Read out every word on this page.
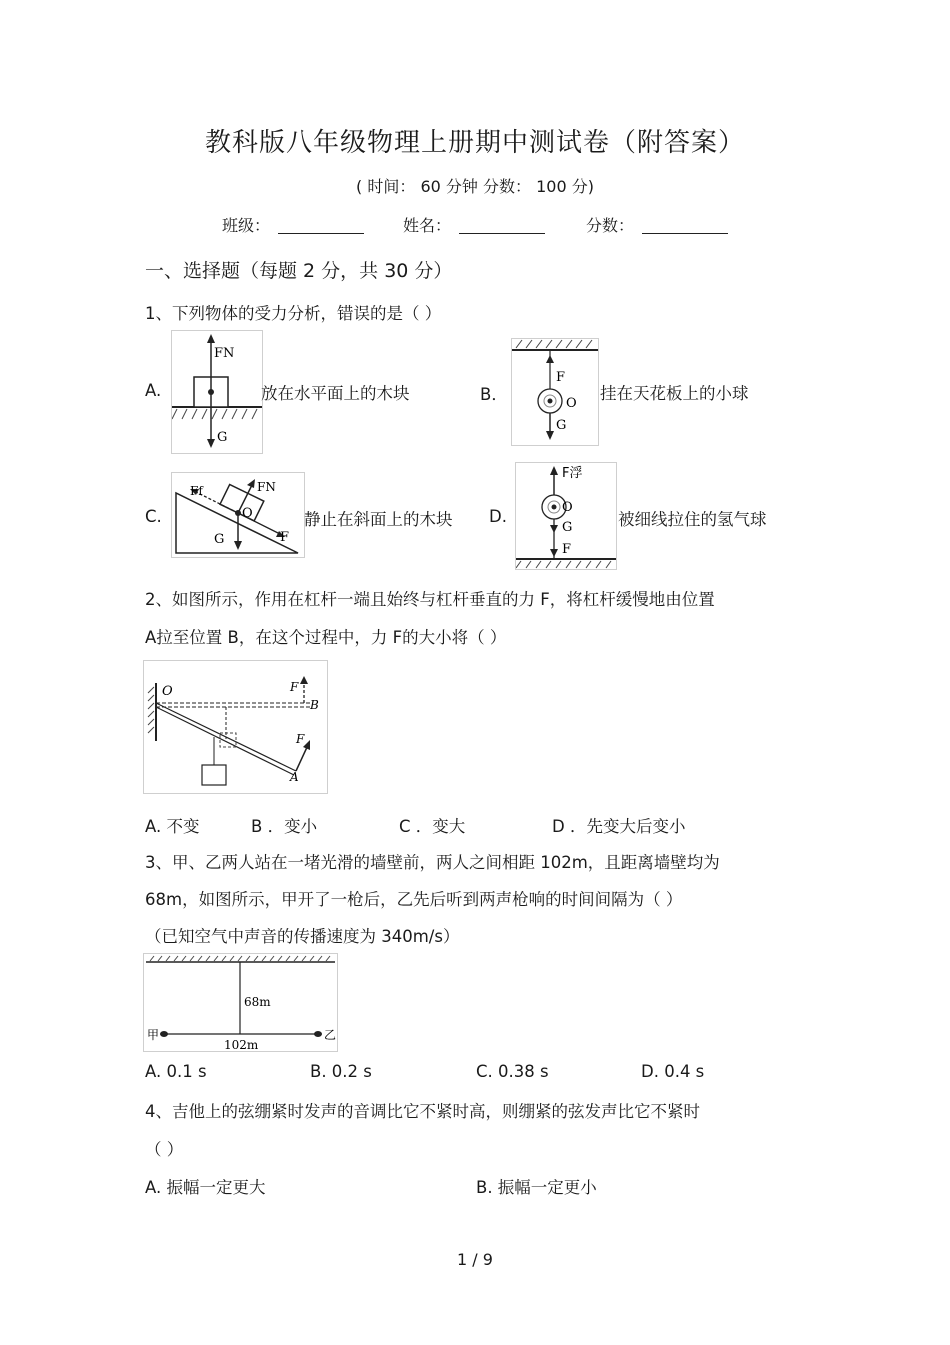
教科版八年级物理上册期中测试卷（附答案）
( 时间： 60 分钟 分数： 100 分)
班级：	姓名：	分数：
一、选择题（每题 2 分，共 30 分）
1、下列物体的受力分析，错误的是（ ）
A.
FN
G
放在水平面上的木块	B．
F
O
G
挂在天花板上的小球
C.
Ff	FN
O
G	F
静止在斜面上的木块 D.
F浮
O
G
F
被细线拉住的氢气球
2、如图所示，作用在杠杆一端且始终与杠杆垂直的力 F，将杠杆缓慢地由位置
A拉至位置 B，在这个过程中，力 F的大小将（ ）
O
B
F
F
A
A. 不变	B ．变小	C ．变大	D ．先变大后变小
3、甲、乙两人站在一堵光滑的墙壁前，两人之间相距 102m，且距离墙壁均为
68m，如图所示，甲开了一枪后，乙先后听到两声枪响的时间间隔为（ ）
（已知空气中声音的传播速度为 340m/s）
68m
102m
甲	乙
A. 0.1 s	B. 0.2 s	C. 0.38 s	D. 0.4 s
4、吉他上的弦绷紧时发声的音调比它不紧时高，则绷紧的弦发声比它不紧时
（ ）
A. 振幅一定更大	B. 振幅一定更小
1 / 9
